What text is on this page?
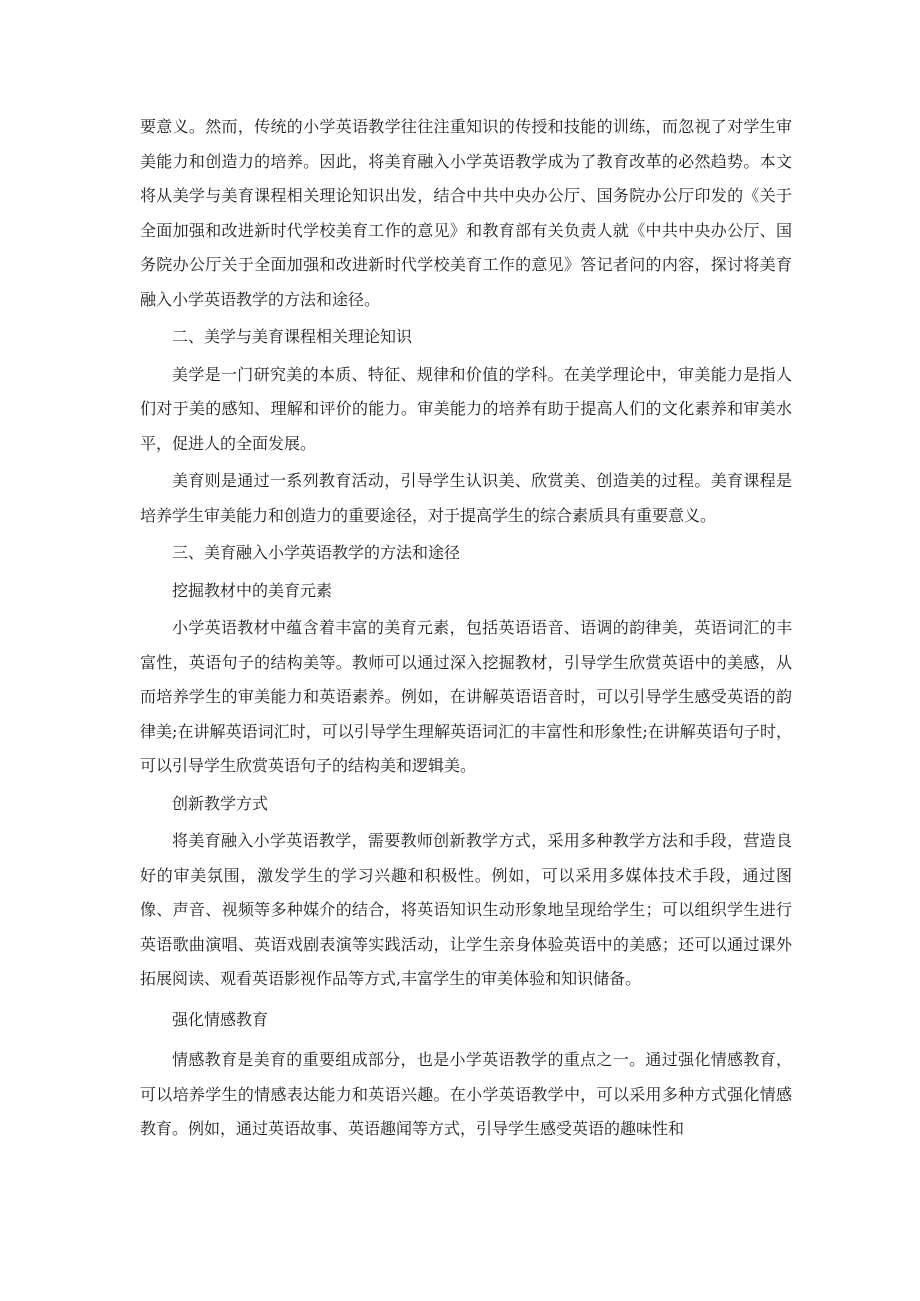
要意义。然而，传统的小学英语教学往往注重知识的传授和技能的训练，而忽视了对学生审美能力和创造力的培养。因此，将美育融入小学英语教学成为了教育改革的必然趋势。本文将从美学与美育课程相关理论知识出发，结合中共中央办公厅、国务院办公厅印发的《关于全面加强和改进新时代学校美育工作的意见》和教育部有关负责人就《中共中央办公厅、国务院办公厅关于全面加强和改进新时代学校美育工作的意见》答记者问的内容，探讨将美育融入小学英语教学的方法和途径。

二、美学与美育课程相关理论知识

美学是一门研究美的本质、特征、规律和价值的学科。在美学理论中，审美能力是指人们对于美的感知、理解和评价的能力。审美能力的培养有助于提高人们的文化素养和审美水平，促进人的全面发展。

美育则是通过一系列教育活动，引导学生认识美、欣赏美、创造美的过程。美育课程是培养学生审美能力和创造力的重要途径，对于提高学生的综合素质具有重要意义。

三、美育融入小学英语教学的方法和途径

挖掘教材中的美育元素

小学英语教材中蕴含着丰富的美育元素，包括英语语音、语调的韵律美，英语词汇的丰富性，英语句子的结构美等。教师可以通过深入挖掘教材，引导学生欣赏英语中的美感，从而培养学生的审美能力和英语素养。例如，在讲解英语语音时，可以引导学生感受英语的韵律美;在讲解英语词汇时，可以引导学生理解英语词汇的丰富性和形象性;在讲解英语句子时，可以引导学生欣赏英语句子的结构美和逻辑美。

创新教学方式

将美育融入小学英语教学，需要教师创新教学方式，采用多种教学方法和手段，营造良好的审美氛围，激发学生的学习兴趣和积极性。例如，可以采用多媒体技术手段，通过图像、声音、视频等多种媒介的结合，将英语知识生动形象地呈现给学生；可以组织学生进行英语歌曲演唱、英语戏剧表演等实践活动，让学生亲身体验英语中的美感；还可以通过课外拓展阅读、观看英语影视作品等方式,丰富学生的审美体验和知识储备。

强化情感教育

情感教育是美育的重要组成部分，也是小学英语教学的重点之一。通过强化情感教育，可以培养学生的情感表达能力和英语兴趣。在小学英语教学中，可以采用多种方式强化情感教育。例如，通过英语故事、英语趣闻等方式，引导学生感受英语的趣味性和
